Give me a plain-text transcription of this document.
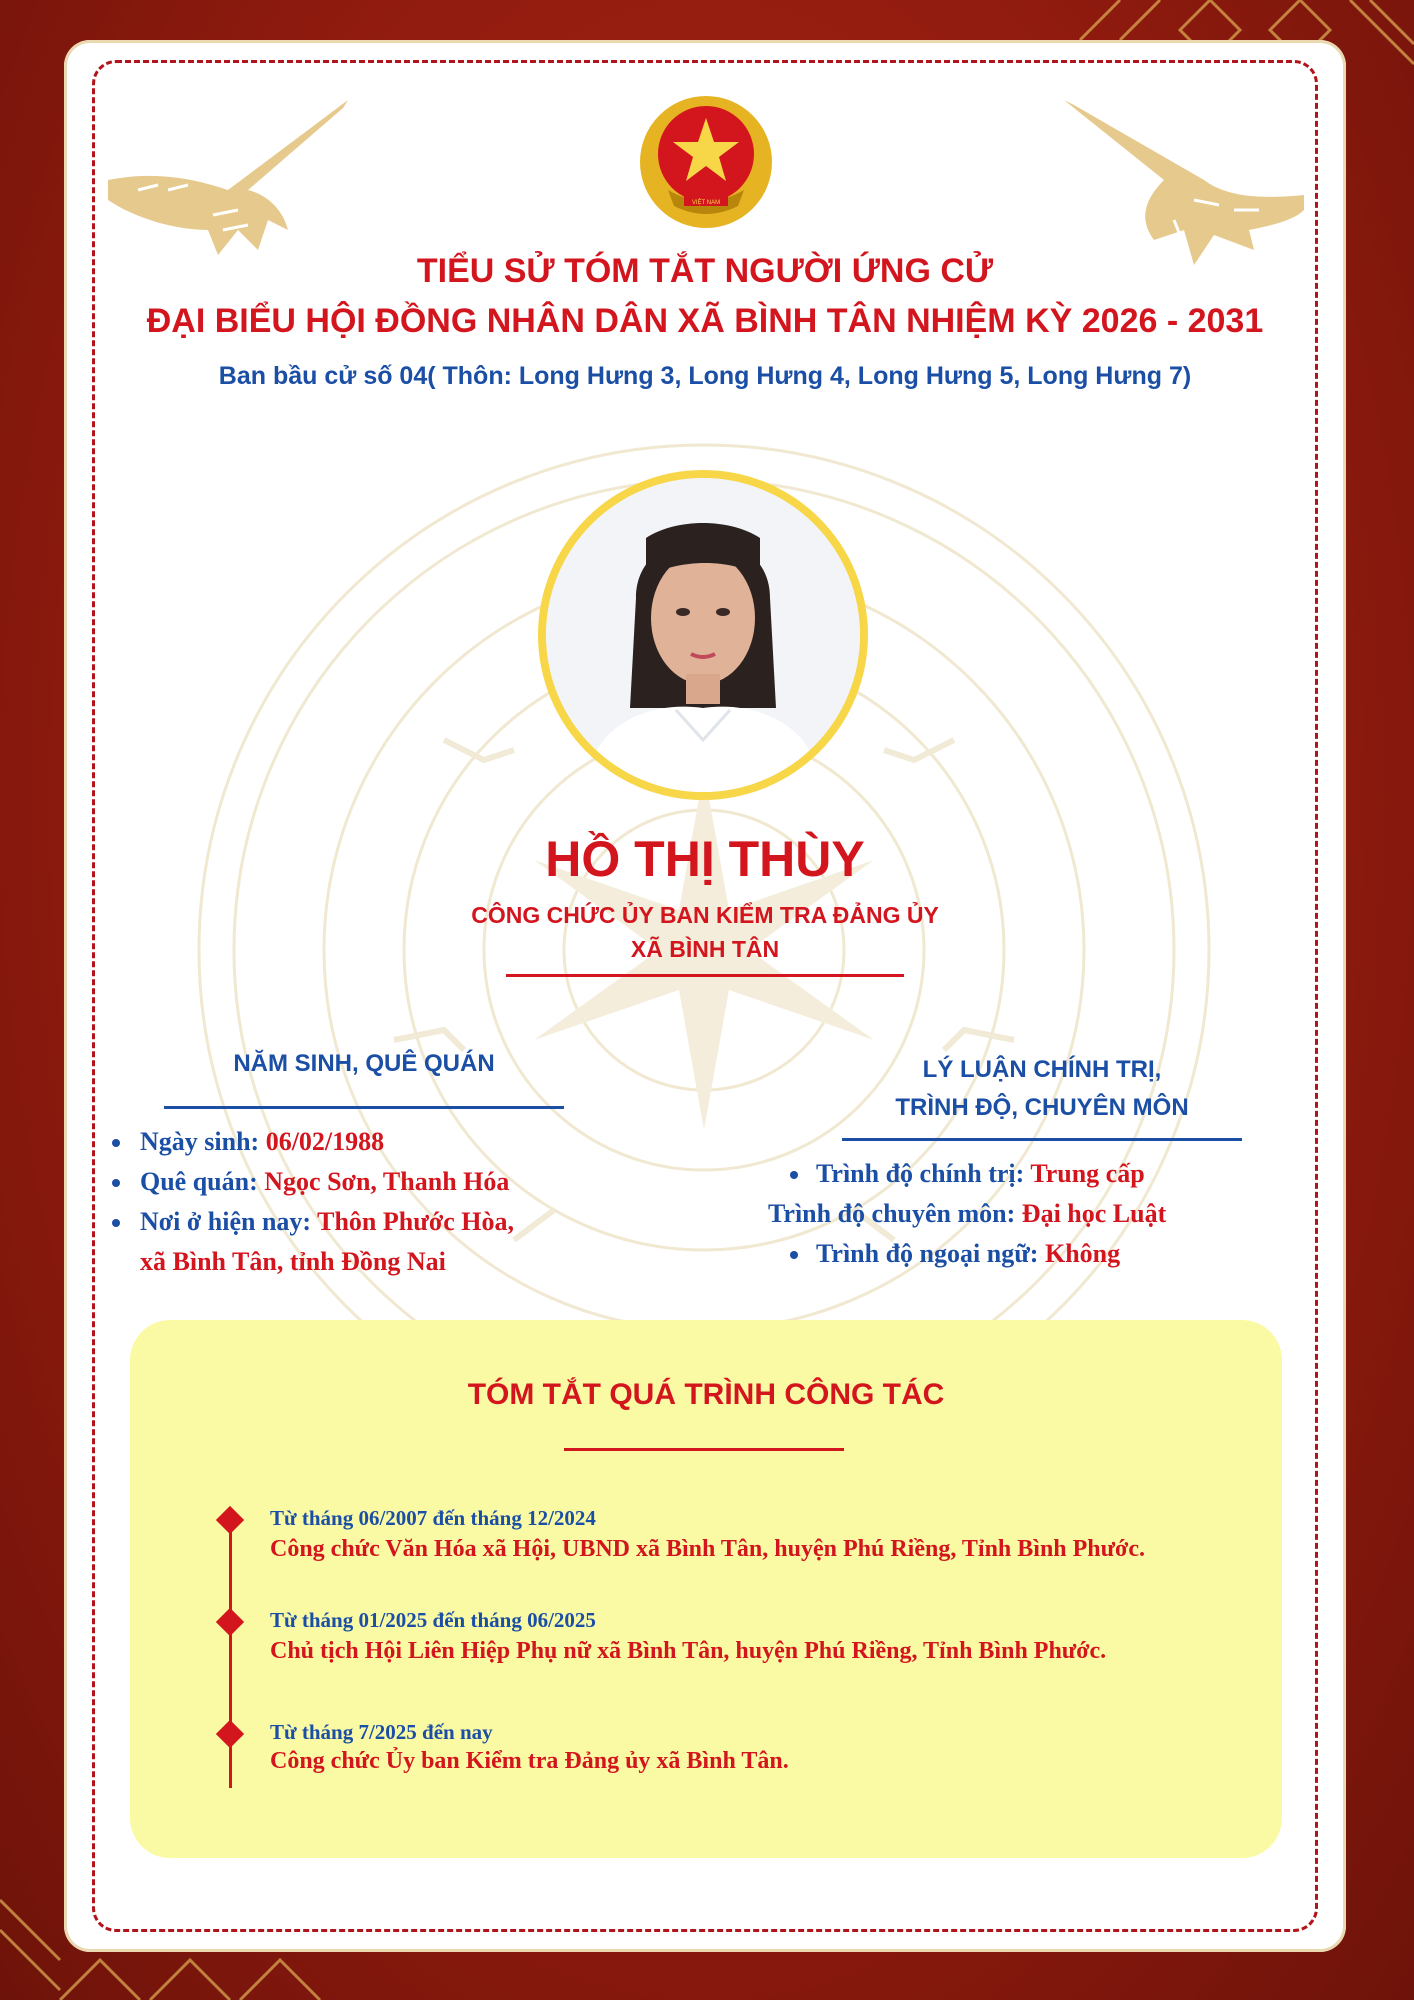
VIỆT NAM
TIỂU SỬ TÓM TẮT NGƯỜI ỨNG CỬ
ĐẠI BIỂU HỘI ĐỒNG NHÂN DÂN XÃ BÌNH TÂN NHIỆM KỲ 2026 - 2031
Ban bầu cử số 04( Thôn: Long Hưng 3, Long Hưng 4, Long Hưng 5, Long Hưng 7)
HỒ THỊ THÙY
CÔNG CHỨC ỦY BAN KIỂM TRA ĐẢNG ỦY
XÃ BÌNH TÂN
NĂM SINH, QUÊ QUÁN
Ngày sinh: 06/02/1988
Quê quán: Ngọc Sơn, Thanh Hóa
Nơi ở hiện nay: Thôn Phước Hòa,
xã Bình Tân, tỉnh Đồng Nai
LÝ LUẬN CHÍNH TRỊ,
TRÌNH ĐỘ, CHUYÊN MÔN
Trình độ chính trị: Trung cấp
Trình độ chuyên môn: Đại học Luật
Trình độ ngoại ngữ: Không
TÓM TẮT QUÁ TRÌNH CÔNG TÁC
Từ tháng 06/2007 đến tháng 12/2024
Công chức Văn Hóa xã Hội, UBND xã Bình Tân, huyện Phú Riềng, Tỉnh Bình Phước.
Từ tháng 01/2025 đến tháng 06/2025
Chủ tịch Hội Liên Hiệp Phụ nữ xã Bình Tân, huyện Phú Riềng, Tỉnh Bình Phước.
Từ tháng 7/2025 đến nay
Công chức Ủy ban Kiểm tra Đảng ủy xã Bình Tân.
